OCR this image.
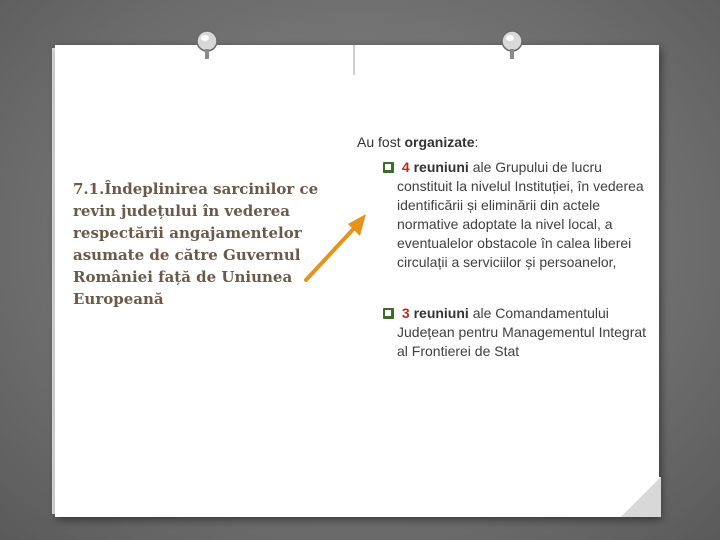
7.1.Îndeplinirea sarcinilor ce revin județului în vederea respectării angajamentelor asumate de către Guvernul României față de Uniunea Europeană
Au fost organizate:
4 reuniuni ale Grupului de lucru
constituit la nivelul Instituției, în vederea identificării și eliminării din actele normative adoptate la nivel local, a eventualelor obstacole în calea liberei circulații a serviciilor și persoanelor,
3 reuniuni ale Comandamentului
Județean pentru Managementul Integrat al Frontierei de Stat
